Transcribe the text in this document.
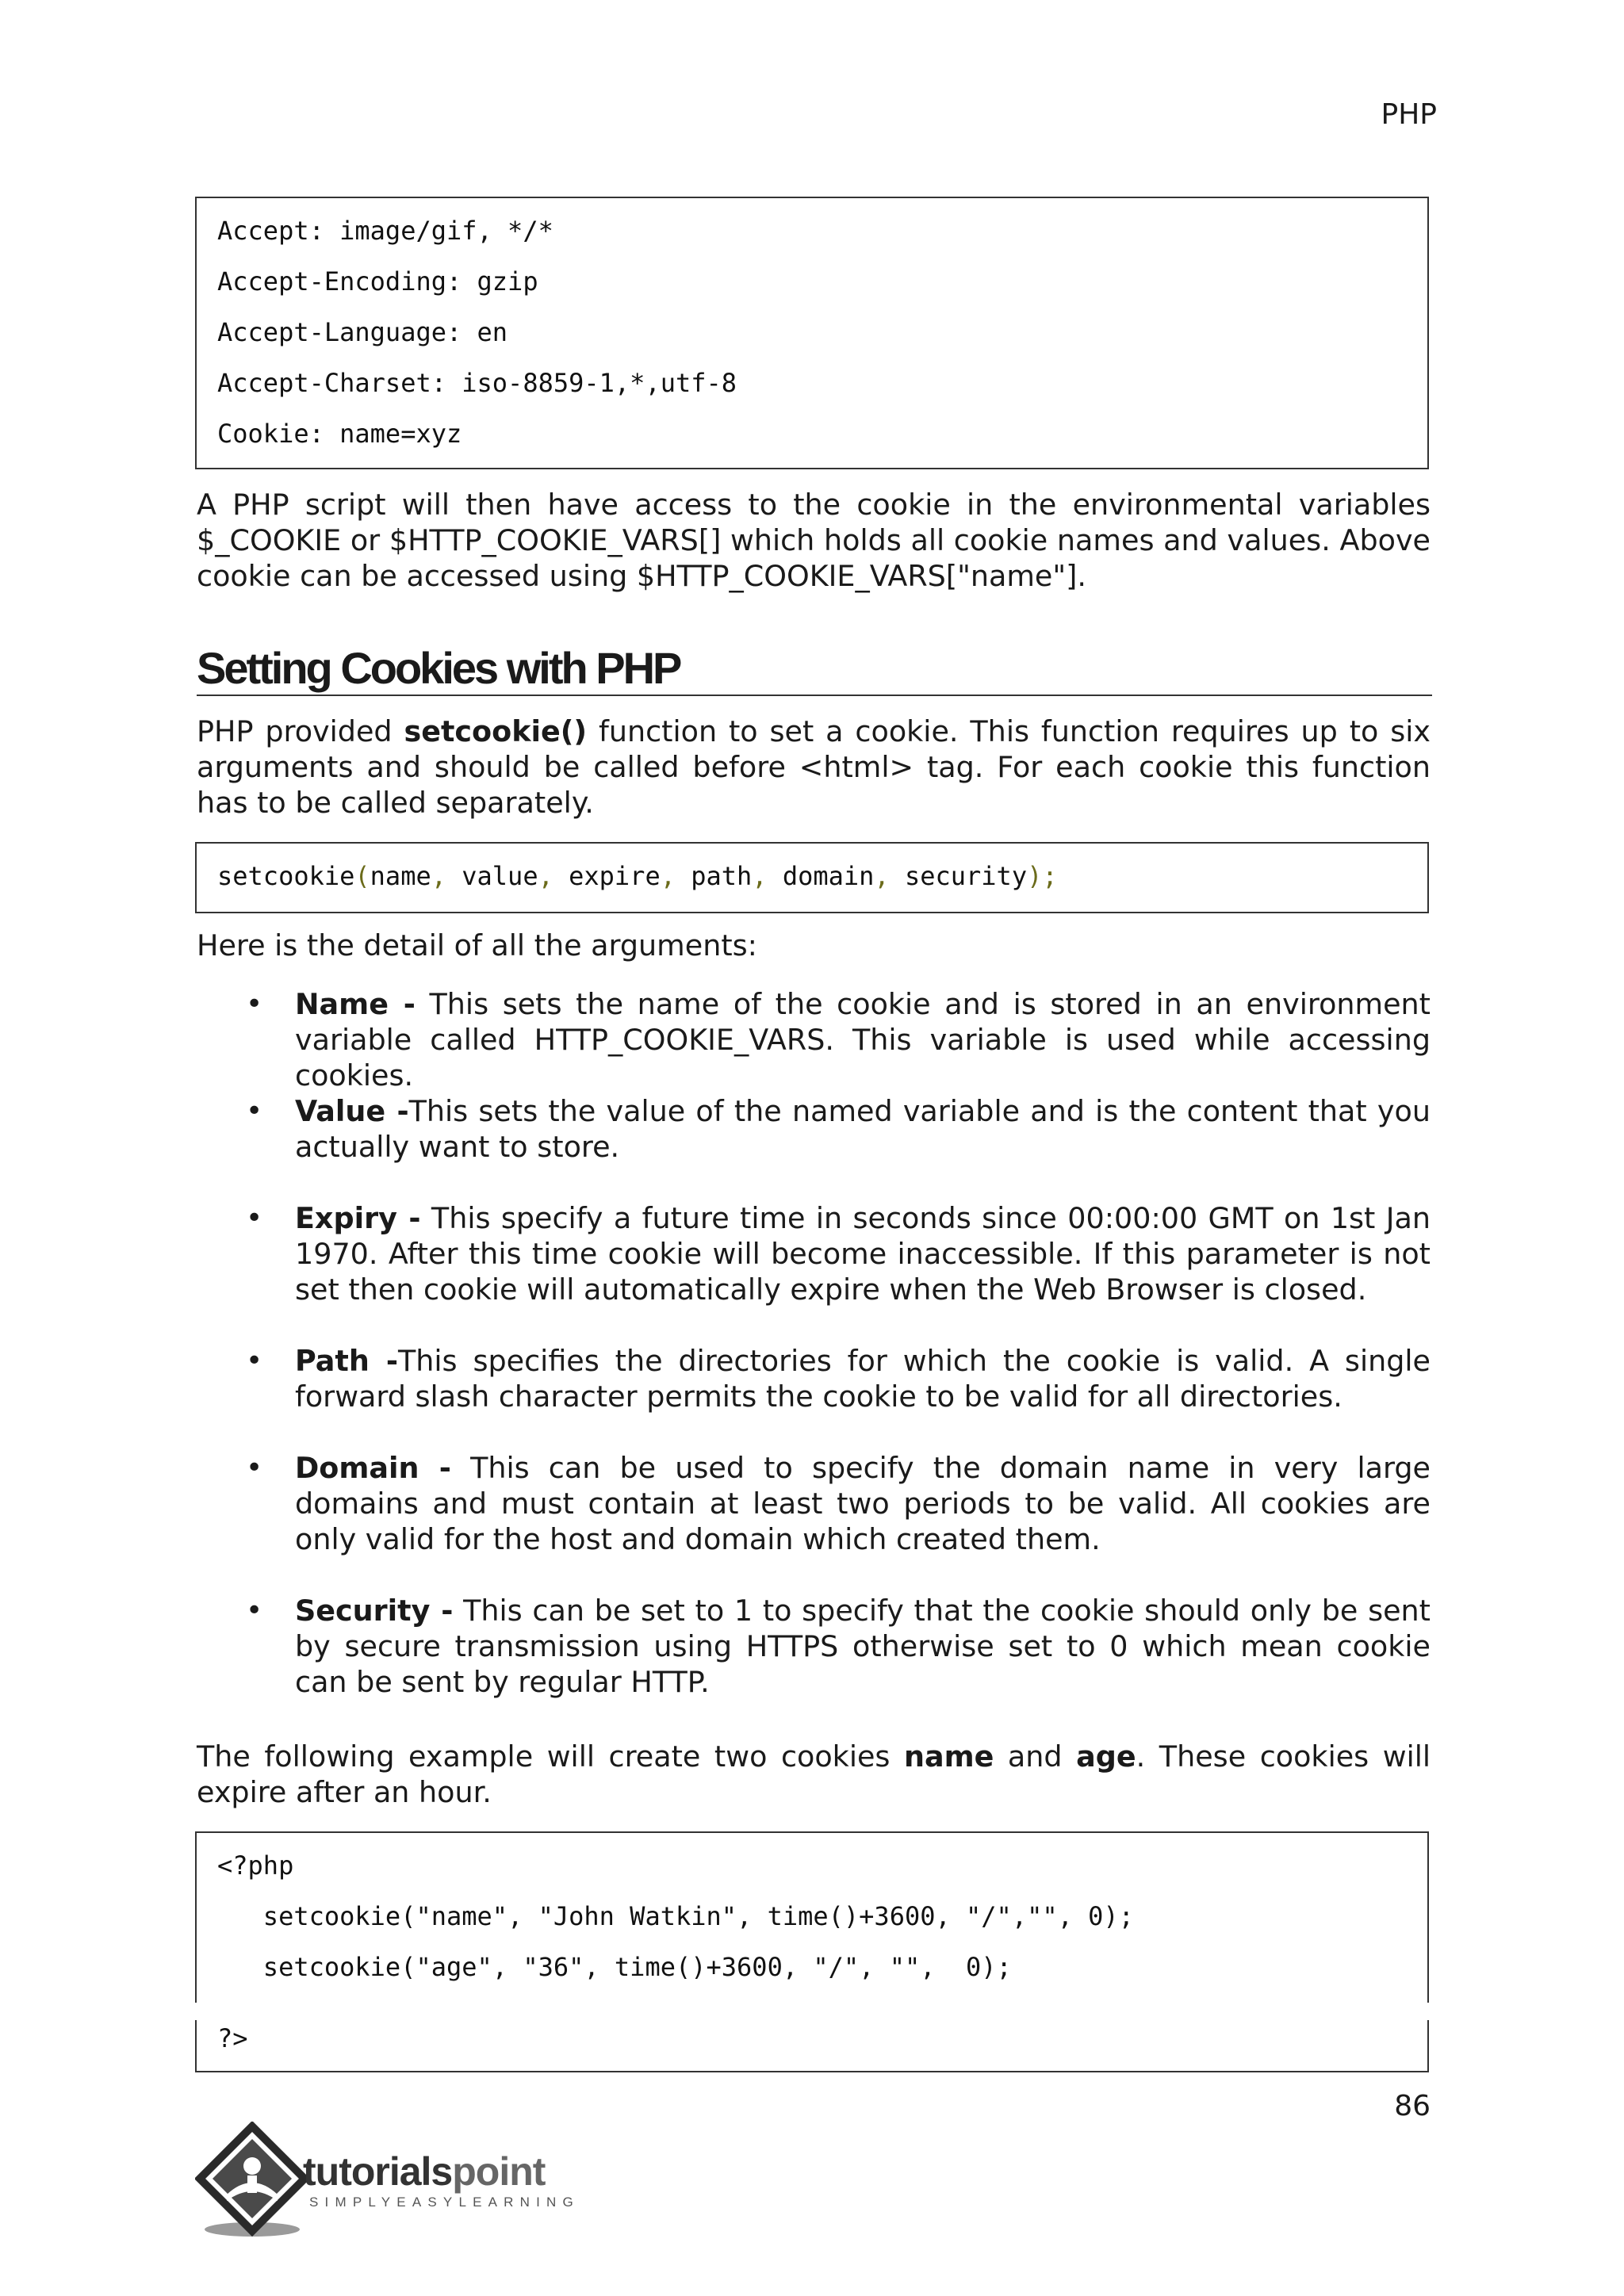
PHP
Accept: image/gif, */*
Accept-Encoding: gzip
Accept-Language: en
Accept-Charset: iso-8859-1,*,utf-8
Cookie: name=xyz

A PHP script will then have access to the cookie in the environmental variables $_COOKIE or $HTTP_COOKIE_VARS[] which holds all cookie names and values. Above cookie can be accessed using $HTTP_COOKIE_VARS["name"].

Setting Cookies with PHP

PHP provided setcookie() function to set a cookie. This function requires up to six arguments and should be called before <html> tag. For each cookie this function has to be called separately.

setcookie(name, value, expire, path, domain, security);

Here is the detail of all the arguments:

• Name - This sets the name of the cookie and is stored in an environment variable called HTTP_COOKIE_VARS. This variable is used while accessing cookies.
• Value -This sets the value of the named variable and is the content that you actually want to store.
• Expiry - This specify a future time in seconds since 00:00:00 GMT on 1st Jan 1970. After this time cookie will become inaccessible. If this parameter is not set then cookie will automatically expire when the Web Browser is closed.
• Path -This specifies the directories for which the cookie is valid. A single forward slash character permits the cookie to be valid for all directories.
• Domain - This can be used to specify the domain name in very large domains and must contain at least two periods to be valid. All cookies are only valid for the host and domain which created them.
• Security - This can be set to 1 to specify that the cookie should only be sent by secure transmission using HTTPS otherwise set to 0 which mean cookie can be sent by regular HTTP.

The following example will create two cookies name and age. These cookies will expire after an hour.

<?php
setcookie("name", "John Watkin", time()+3600, "/","", 0);
setcookie("age", "36", time()+3600, "/", "",  0);
?>
86
tutorialspoint
SIMPLYEASYLEARNING
